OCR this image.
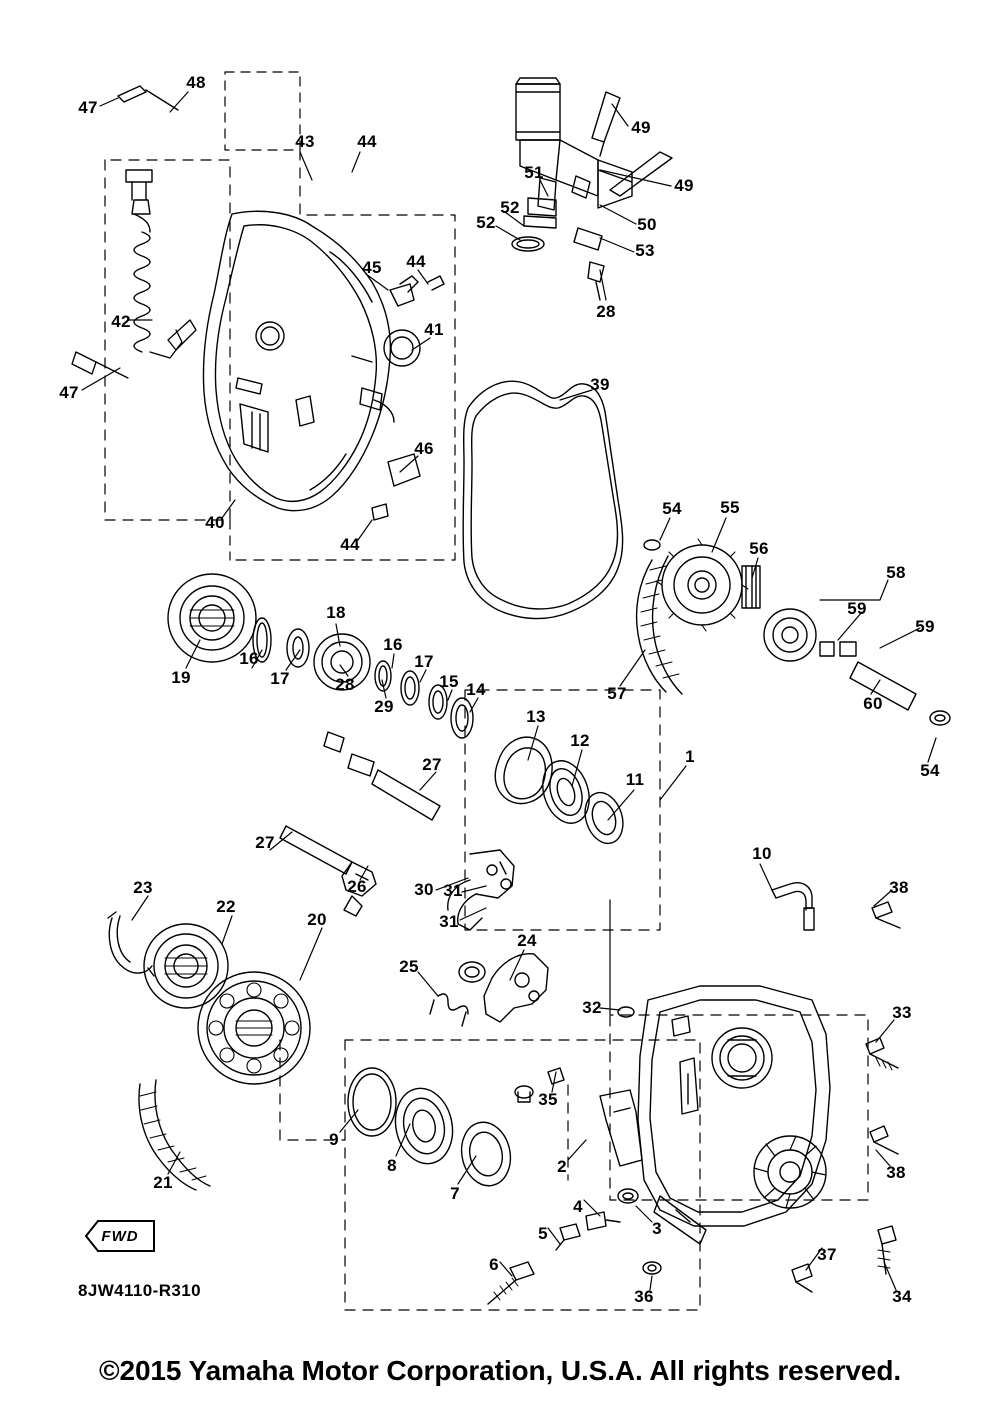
FWD
8JW4110-R310
©2015 Yamaha Motor Corporation, U.S.A. All rights reserved.
47
48
43 44
49
51
49
52
50
52
53
45 44
42	41
28
47	39
46
40
44
54 55
56
58
59
59
19
18
16
16
17
17
15 14	57
60
28
29
13
12
1
54
27
11
27
26
10
38
30 31
31
23
22
20
24
25
32	33
35
9
8
7
21
2
4
38
3
5
37
6
36	34
